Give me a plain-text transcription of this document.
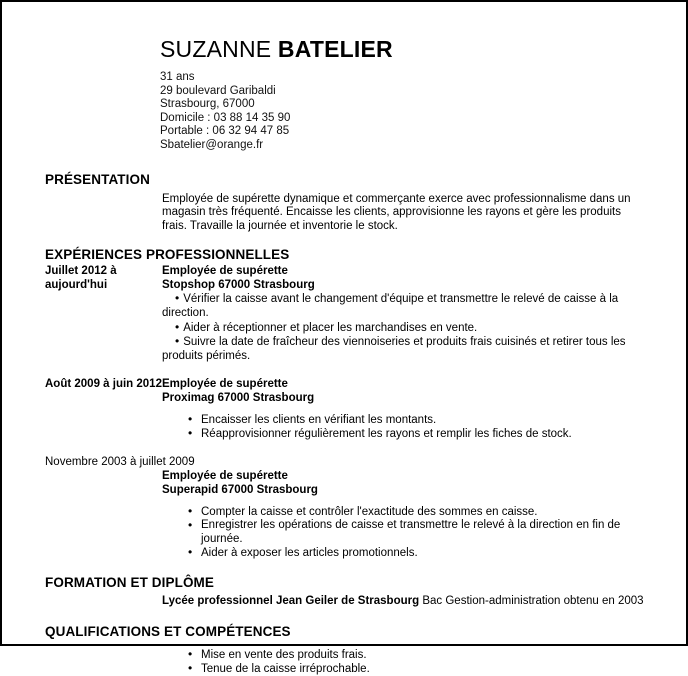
SUZANNE BATELIER
31 ans
29 boulevard Garibaldi
Strasbourg, 67000
Domicile : 03 88 14 35 90
Portable : 06 32 94 47 85
Sbatelier@orange.fr
PRÉSENTATION
Employée de supérette dynamique et commerçante exerce avec professionnalisme dans un magasin très fréquenté. Encaisse les clients, approvisionne les rayons et gère les produits frais. Travaille la journée et inventorie le stock.
EXPÉRIENCES PROFESSIONNELLES
Juillet 2012 à
aujourd'hui
Employée de supérette
Stopshop 67000 Strasbourg
• Vérifier la caisse avant le changement d'équipe et transmettre le relevé de caisse à la direction.
• Aider à réceptionner et placer les marchandises en vente.
• Suivre la date de fraîcheur des viennoiseries et produits frais cuisinés et retirer tous les produits périmés.
Août 2009 à juin 2012 Employée de supérette
Proximag 67000 Strasbourg
• Encaisser les clients en vérifiant les montants.
• Réapprovisionner régulièrement les rayons et remplir les fiches de stock.
Novembre 2003 à juillet 2009
Employée de supérette
Superapid 67000 Strasbourg
• Compter la caisse et contrôler l'exactitude des sommes en caisse.
• Enregistrer les opérations de caisse et transmettre le relevé à la direction en fin de journée.
• Aider à exposer les articles promotionnels.
FORMATION ET DIPLÔME
Lycée professionnel Jean Geiler de Strasbourg Bac Gestion-administration obtenu en 2003
QUALIFICATIONS ET COMPÉTENCES
• Mise en vente des produits frais.
• Tenue de la caisse irréprochable.
